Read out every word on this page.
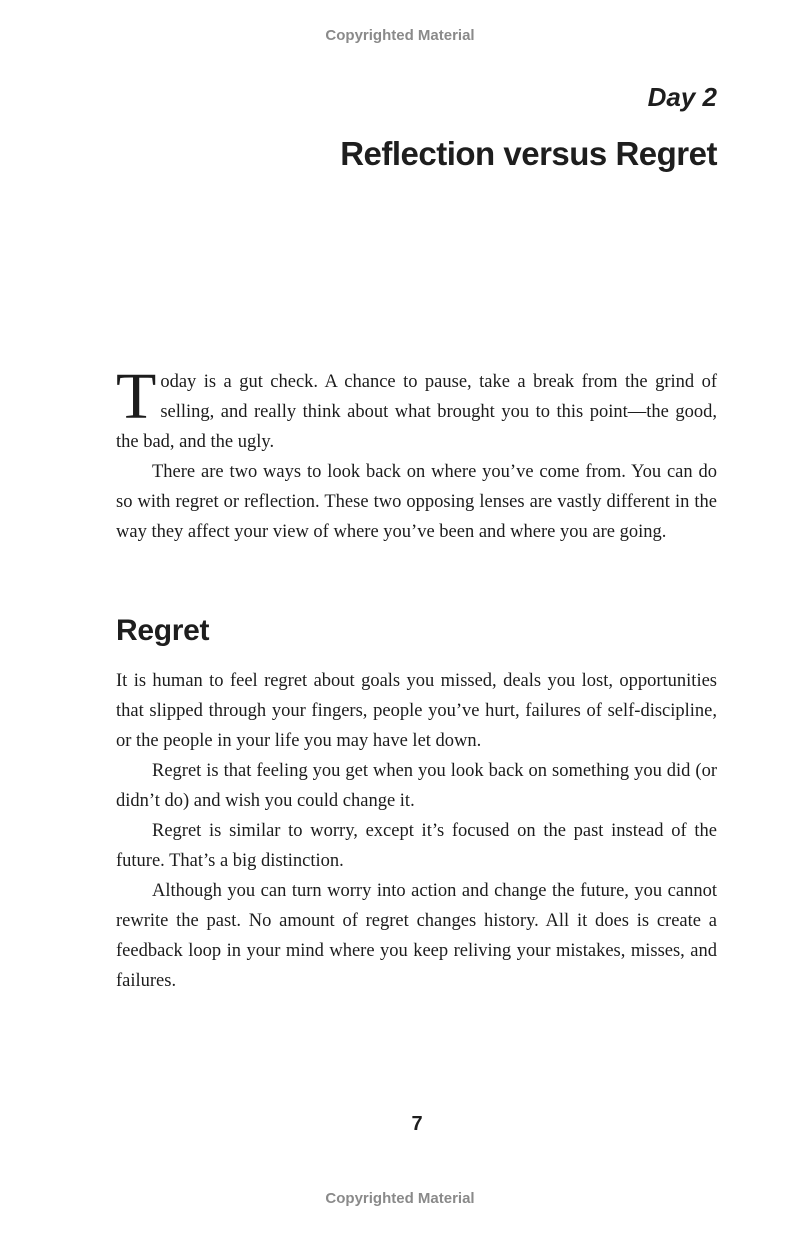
Copyrighted Material
Day 2
Reflection versus Regret

Today is a gut check. A chance to pause, take a break from the grind of selling, and really think about what brought you to this point—the good, the bad, and the ugly.

There are two ways to look back on where you’ve come from. You can do so with regret or reflection. These two opposing lenses are vastly different in the way they affect your view of where you’ve been and where you are going.

Regret

It is human to feel regret about goals you missed, deals you lost, opportunities that slipped through your fingers, people you’ve hurt, failures of self-discipline, or the people in your life you may have let down.

Regret is that feeling you get when you look back on something you did (or didn’t do) and wish you could change it.

Regret is similar to worry, except it’s focused on the past instead of the future. That’s a big distinction.

Although you can turn worry into action and change the future, you cannot rewrite the past. No amount of regret changes history. All it does is create a feedback loop in your mind where you keep reliving your mistakes, misses, and failures.

7
Copyrighted Material
